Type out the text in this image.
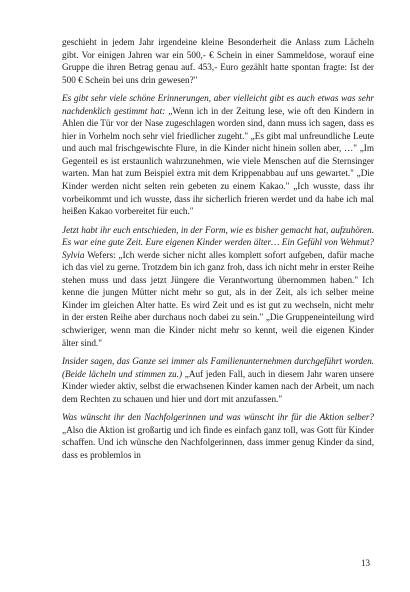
geschieht in jedem Jahr irgendeine kleine Besonderheit die Anlass zum Lächeln gibt. Vor einigen Jahren war ein 500,- € Schein in einer Sammeldose, worauf eine Gruppe die ihren Betrag genau auf. 453,- Euro gezählt hatte spontan fragte: Ist der 500 € Schein bei uns drin gewesen?"

Es gibt sehr viele schöne Erinnerungen, aber vielleicht gibt es auch etwas was sehr nachdenklich gestimmt hat: „Wenn ich in der Zeitung lese, wie oft den Kindern in Ahlen die Tür vor der Nase zugeschlagen worden sind, dann muss ich sagen, dass es hier in Vorhelm noch sehr viel friedlicher zugeht." „Es gibt mal unfreundliche Leute und auch mal frischgewischte Flure, in die Kinder nicht hinein sollen aber, …" „Im Gegenteil es ist erstaunlich wahrzunehmen, wie viele Menschen auf die Sternsinger warten. Man hat zum Beispiel extra mit dem Krippenabbau auf uns gewartet." „Die Kinder werden nicht selten rein gebeten zu einem Kakao." „Ich wusste, dass ihr vorbeikommt und ich wusste, dass ihr sicherlich frieren werdet und da habe ich mal heißen Kakao vorbereitet für euch."

Jetzt habt ihr euch entschieden, in der Form, wie es bisher gemacht hat, aufzuhören. Es war eine gute Zeit. Eure eigenen Kinder werden älter… Ein Gefühl von Wehmut? Sylvia Wefers: „Ich werde sicher nicht alles komplett sofort aufgeben, dafür mache ich das viel zu gerne. Trotzdem bin ich ganz froh, dass ich nicht mehr in erster Reihe stehen muss und dass jetzt Jüngere die Verantwortung übernommen haben." Ich kenne die jungen Mütter nicht mehr so gut, als in der Zeit, als ich selber meine Kinder im gleichen Alter hatte. Es wird Zeit und es ist gut zu wechseln, nicht mehr in der ersten Reihe aber durchaus noch dabei zu sein." „Die Gruppeneinteilung wird schwieriger, wenn man die Kinder nicht mehr so kennt, weil die eigenen Kinder älter sind."

Insider sagen, das Ganze sei immer als Familienunternehmen durchgeführt worden. (Beide lächeln und stimmen zu.) „Auf jeden Fall, auch in diesem Jahr waren unsere Kinder wieder aktiv, selbst die erwachsenen Kinder kamen nach der Arbeit, um nach dem Rechten zu schauen und hier und dort mit anzufassen."

Was wünscht ihr den Nachfolgerinnen und was wünscht ihr für die Aktion selber? „Also die Aktion ist großartig und ich finde es einfach ganz toll, was Gott für Kinder schaffen. Und ich wünsche den Nachfolgerinnen, dass immer genug Kinder da sind, dass es problemlos in

13
